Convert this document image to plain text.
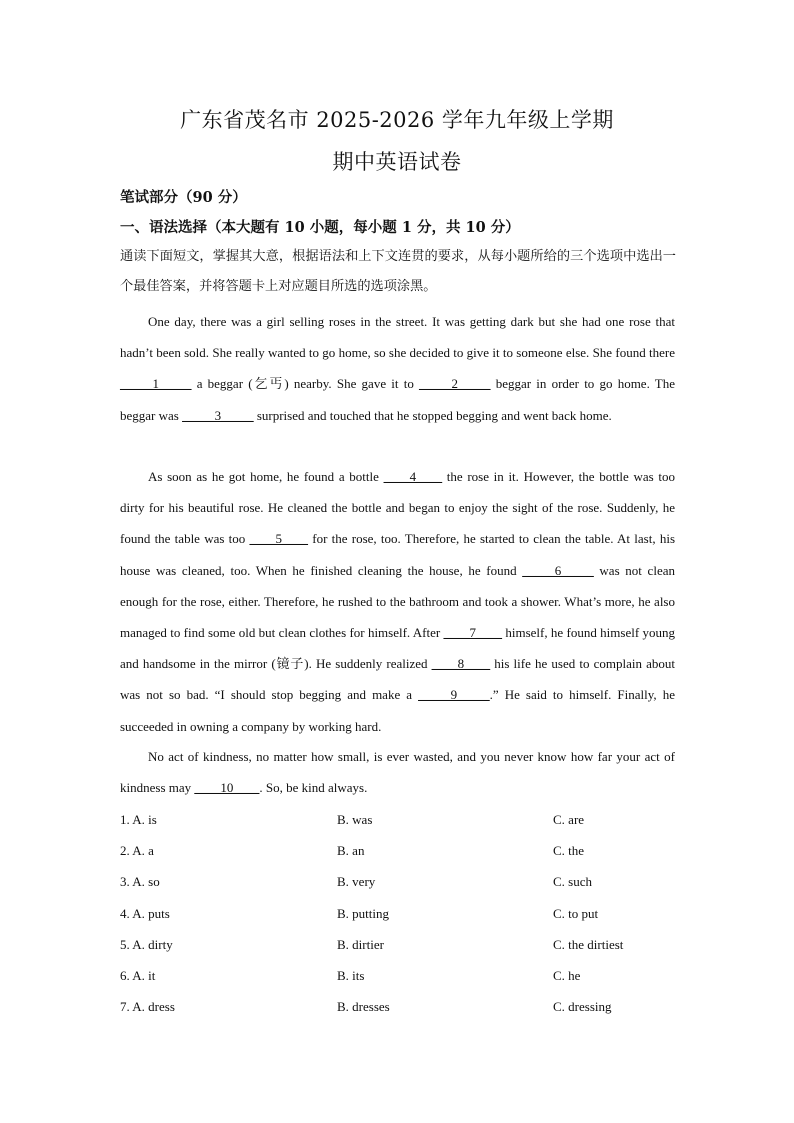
广东省茂名市 2025-2026 学年九年级上学期
期中英语试卷
笔试部分（90 分）
一、语法选择（本大题有 10 小题，每小题 1 分，共 10 分）
通读下面短文，掌握其大意，根据语法和上下文连贯的要求，从每小题所给的三个选项中选出一个最佳答案，并将答题卡上对应题目所选的选项涂黑。
One day, there was a girl selling roses in the street. It was getting dark but she had one rose that hadn’t been sold. She really wanted to go home, so she decided to give it to someone else. She found there _____1_____ a beggar (乞丐) nearby. She gave it to _____2_____ beggar in order to go home. The beggar was _____3_____ surprised and touched that he stopped begging and went back home.
As soon as he got home, he found a bottle ____4____ the rose in it. However, the bottle was too dirty for his beautiful rose. He cleaned the bottle and began to enjoy the sight of the rose. Suddenly, he found the table was too ____5____ for the rose, too. Therefore, he started to clean the table. At last, his house was cleaned, too. When he finished cleaning the house, he found _____6_____ was not clean enough for the rose, either. Therefore, he rushed to the bathroom and took a shower. What’s more, he also managed to find some old but clean clothes for himself. After ____7____ himself, he found himself young and handsome in the mirror (镜子). He suddenly realized ____8____ his life he used to complain about was not so bad. “I should stop begging and make a _____9_____.” He said to himself. Finally, he succeeded in owning a company by working hard.
No act of kindness, no matter how small, is ever wasted, and you never know how far your act of kindness may ____10____. So, be kind always.
1. A. is	B. was	C. are
2. A. a	B. an	C. the
3. A. so	B. very	C. such
4. A. puts	B. putting	C. to put
5. A. dirty	B. dirtier	C. the dirtiest
6. A. it	B. its	C. he
7. A. dress	B. dresses	C. dressing
